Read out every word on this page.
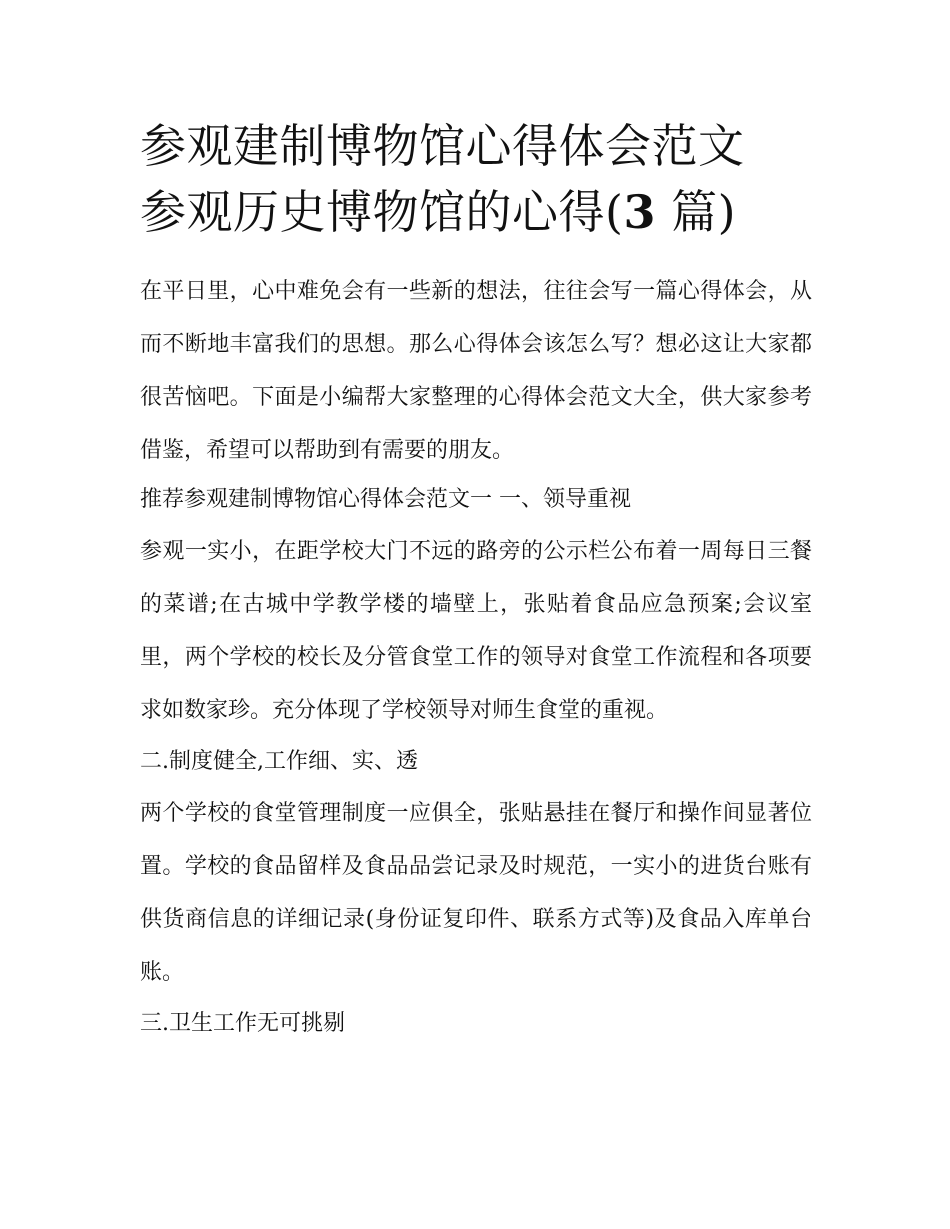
参观建制博物馆心得体会范文
参观历史博物馆的心得(3 篇)

在平日里，心中难免会有一些新的想法，往往会写一篇心得体会，从而不断地丰富我们的思想。那么心得体会该怎么写？想必这让大家都很苦恼吧。下面是小编帮大家整理的心得体会范文大全，供大家参考借鉴，希望可以帮助到有需要的朋友。

推荐参观建制博物馆心得体会范文一 一、领导重视

参观一实小，在距学校大门不远的路旁的公示栏公布着一周每日三餐的菜谱;在古城中学教学楼的墙壁上，张贴着食品应急预案;会议室里，两个学校的校长及分管食堂工作的领导对食堂工作流程和各项要求如数家珍。充分体现了学校领导对师生食堂的重视。

二.制度健全,工作细、实、透

两个学校的食堂管理制度一应俱全，张贴悬挂在餐厅和操作间显著位置。学校的食品留样及食品品尝记录及时规范，一实小的进货台账有供货商信息的详细记录(身份证复印件、联系方式等)及食品入库单台账。

三.卫生工作无可挑剔
